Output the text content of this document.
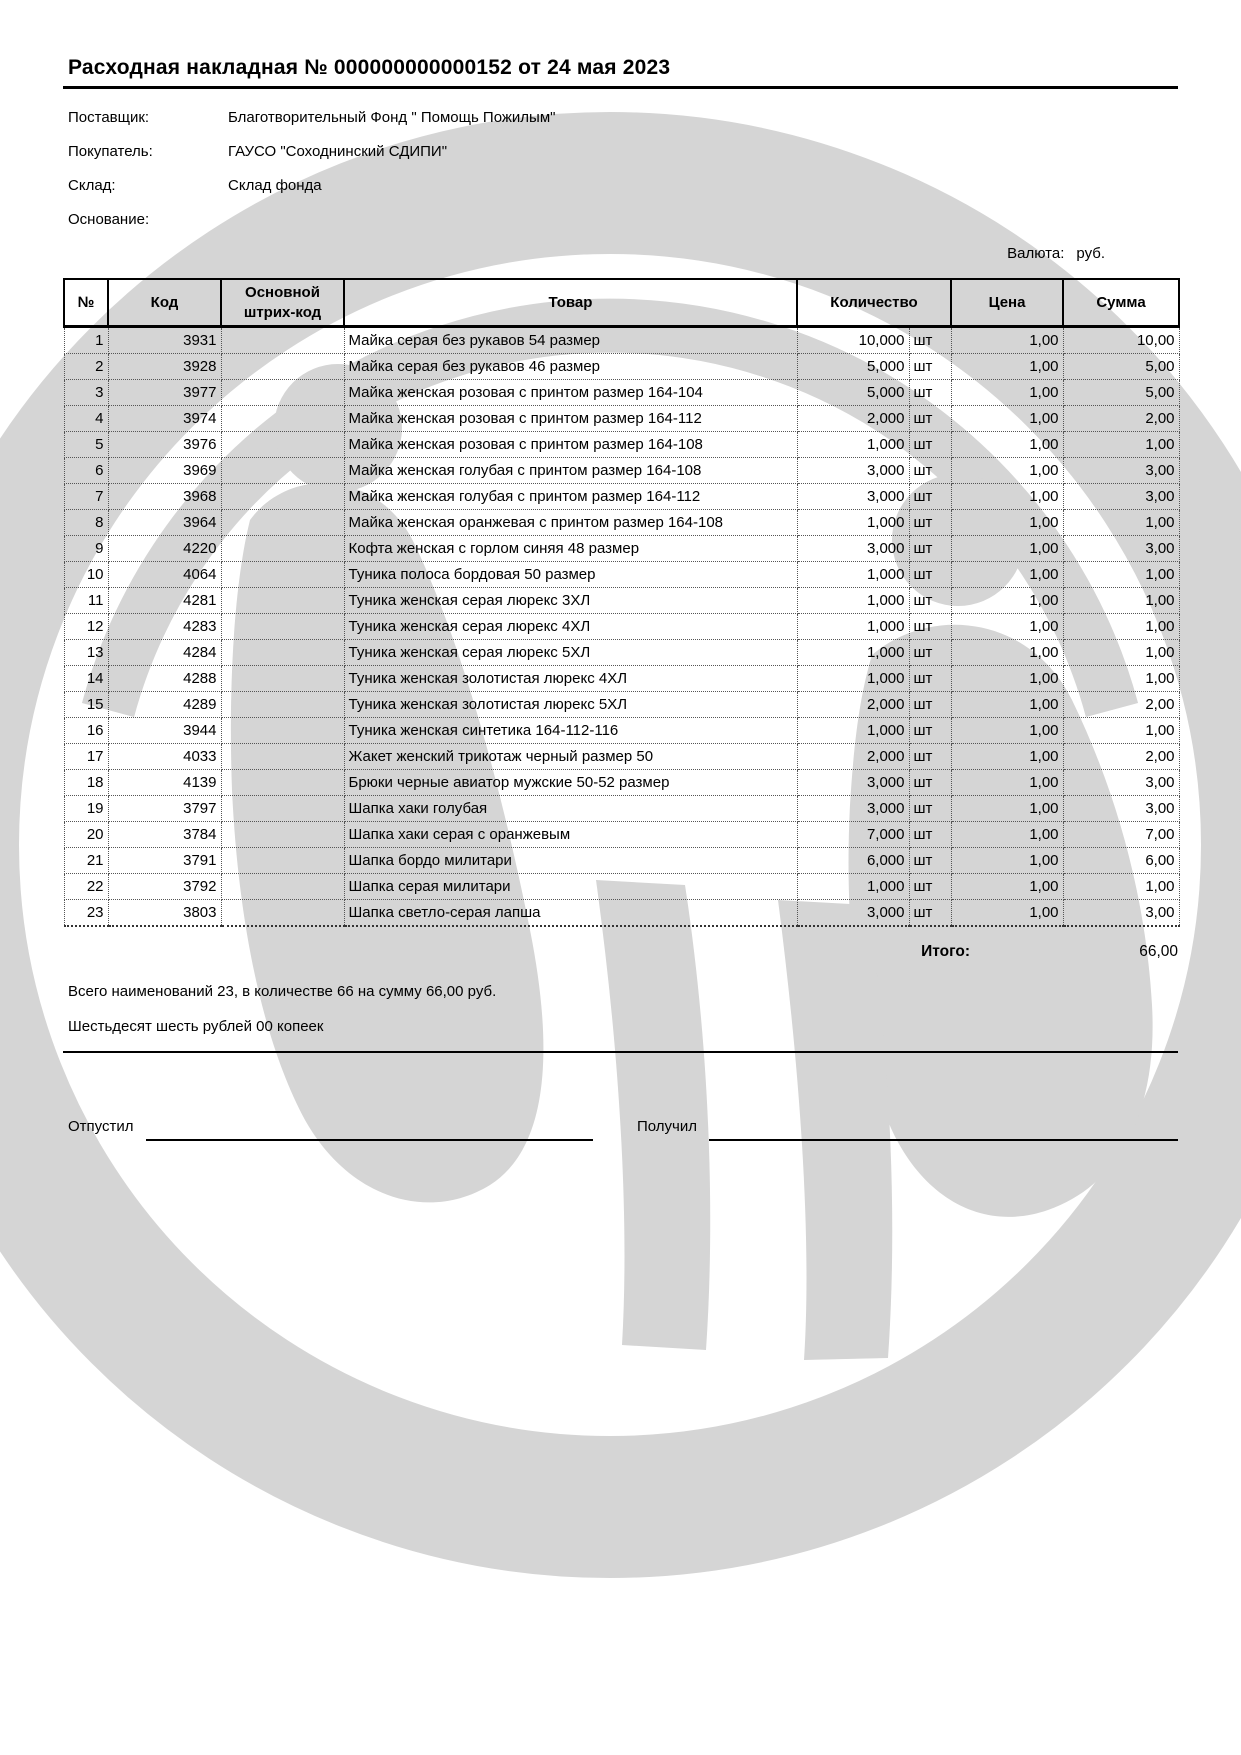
Расходная накладная № 000000000000152 от 24 мая 2023
Поставщик:	Благотворительный Фонд " Помощь Пожилым"
Покупатель:	ГАУСО "Соходнинский СДИПИ"
Склад:	Склад фонда
Основание:
Валюта: руб.
№	Код	Основной штрих-код	Товар	Количество		Цена	Сумма
1	3931		Майка серая без рукавов 54 размер	10,000	шт	1,00	10,00
2	3928		Майка серая без рукавов 46 размер	5,000	шт	1,00	5,00
3	3977		Майка женская розовая с принтом размер 164-104	5,000	шт	1,00	5,00
4	3974		Майка женская розовая с принтом размер 164-112	2,000	шт	1,00	2,00
5	3976		Майка женская розовая с принтом размер 164-108	1,000	шт	1,00	1,00
6	3969		Майка женская голубая с принтом размер 164-108	3,000	шт	1,00	3,00
7	3968		Майка женская голубая с принтом размер 164-112	3,000	шт	1,00	3,00
8	3964		Майка женская оранжевая с принтом размер 164-108	1,000	шт	1,00	1,00
9	4220		Кофта женская с горлом синяя 48 размер	3,000	шт	1,00	3,00
10	4064		Туника полоса бордовая 50 размер	1,000	шт	1,00	1,00
11	4281		Туника женская серая люрекс 3ХЛ	1,000	шт	1,00	1,00
12	4283		Туника женская серая люрекс 4ХЛ	1,000	шт	1,00	1,00
13	4284		Туника женская серая люрекс 5ХЛ	1,000	шт	1,00	1,00
14	4288		Туника женская золотистая люрекс 4ХЛ	1,000	шт	1,00	1,00
15	4289		Туника женская золотистая люрекс 5ХЛ	2,000	шт	1,00	2,00
16	3944		Туника женская синтетика 164-112-116	1,000	шт	1,00	1,00
17	4033		Жакет женский трикотаж черный размер 50	2,000	шт	1,00	2,00
18	4139		Брюки черные авиатор мужские 50-52 размер	3,000	шт	1,00	3,00
19	3797		Шапка хаки голубая	3,000	шт	1,00	3,00
20	3784		Шапка хаки серая с оранжевым	7,000	шт	1,00	7,00
21	3791		Шапка бордо милитари	6,000	шт	1,00	6,00
22	3792		Шапка серая милитари	1,000	шт	1,00	1,00
23	3803		Шапка светло-серая лапша	3,000	шт	1,00	3,00
Итого:	66,00
Всего наименований 23, в количестве 66 на сумму 66,00 руб.
Шестьдесят шесть рублей 00 копеек
Отпустил	Получил
